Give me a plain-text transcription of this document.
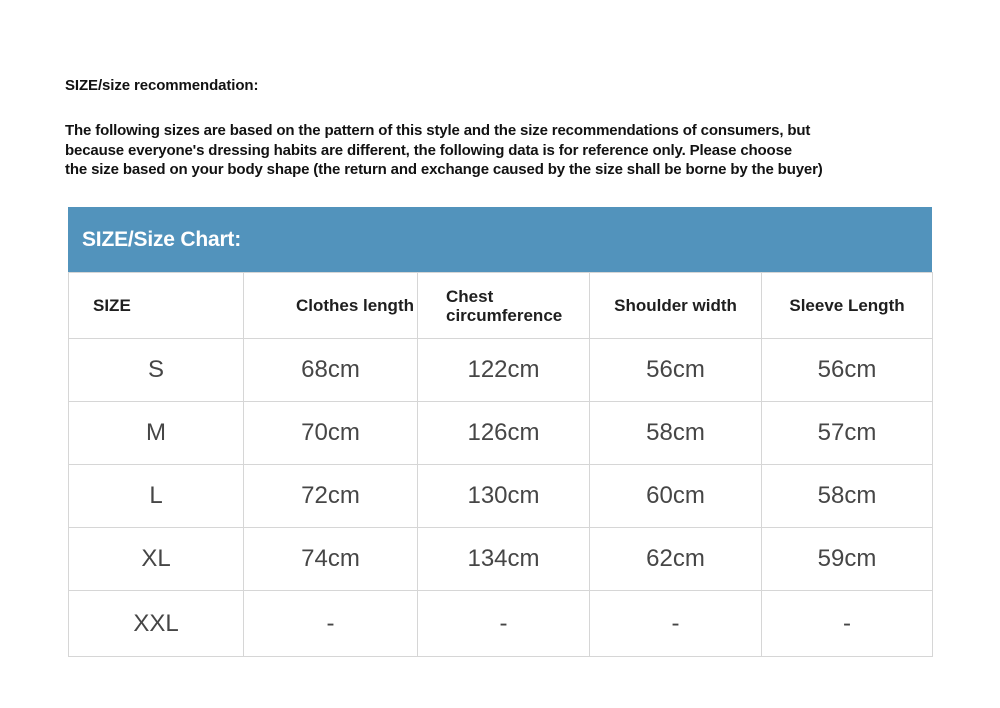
SIZE/size recommendation:
The following sizes are based on the pattern of this style and the size recommendations of consumers, but
because everyone's dressing habits are different, the following data is for reference only. Please choose
the size based on your body shape (the return and exchange caused by the size shall be borne by the buyer)
SIZE/Size Chart:
SIZE	Clothes length	Chest circumference	Shoulder width	Sleeve Length
S	68cm	122cm	56cm	56cm
M	70cm	126cm	58cm	57cm
L	72cm	130cm	60cm	58cm
XL	74cm	134cm	62cm	59cm
XXL	-	-	-	-
